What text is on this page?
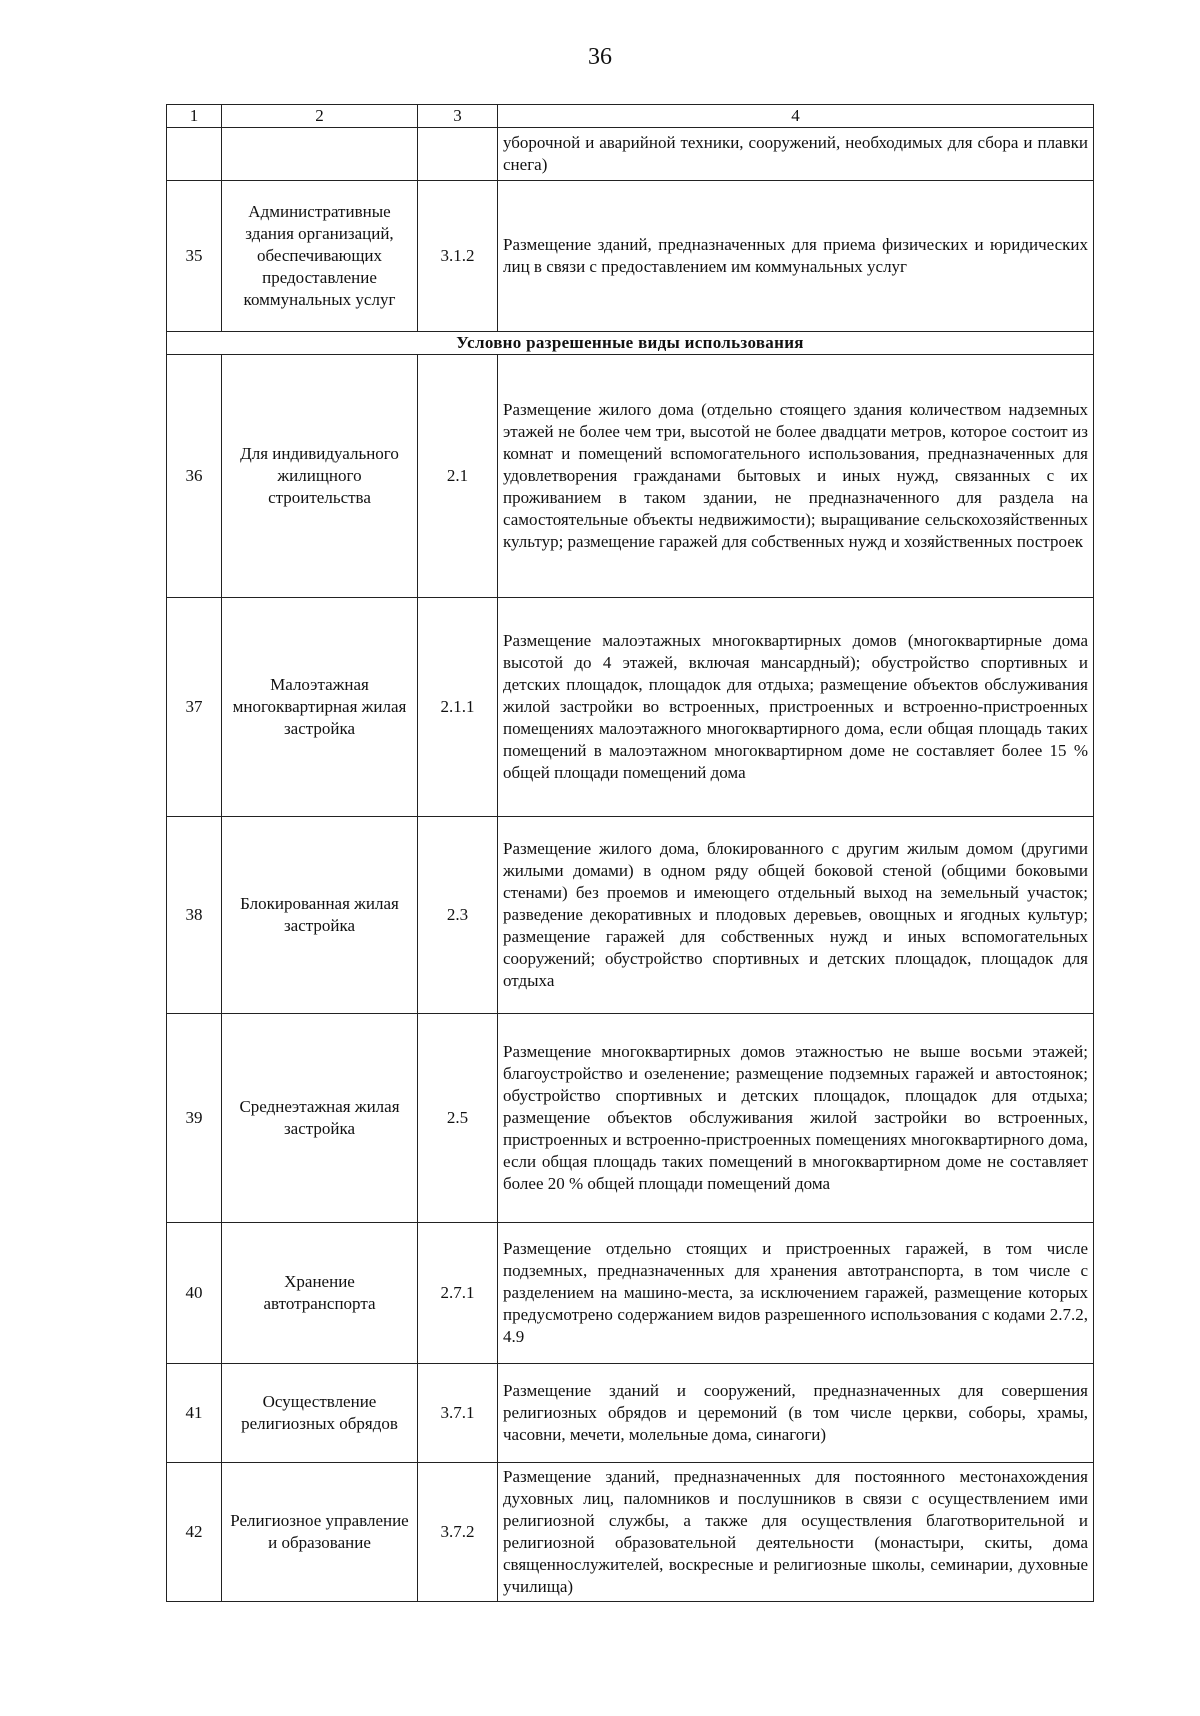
36
1	2	3	4
			уборочной и аварийной техники, сооружений, необходимых для сбора и плавки снега)
35	Административные здания организаций, обеспечивающих предоставление коммунальных услуг	3.1.2	Размещение зданий, предназначенных для приема физических и юридических лиц в связи с предоставлением им коммунальных услуг
Условно разрешенные виды использования			
36	Для индивидуального жилищного строительства	2.1	Размещение жилого дома (отдельно стоящего здания количеством надземных этажей не более чем три, высотой не более двадцати метров, которое состоит из комнат и помещений вспомогательного использования, предназначенных для удовлетворения гражданами бытовых и иных нужд, связанных с их проживанием в таком здании, не предназначенного для раздела на самостоятельные объекты недвижимости); выращивание сельскохозяйственных культур; размещение гаражей для собственных нужд и хозяйственных построек
37	Малоэтажная многоквартирная жилая застройка	2.1.1	Размещение малоэтажных многоквартирных домов (многоквартирные дома высотой до 4 этажей, включая мансардный); обустройство спортивных и детских площадок, площадок для отдыха; размещение объектов обслуживания жилой застройки во встроенных, пристроенных и встроенно-пристроенных помещениях малоэтажного многоквартирного дома, если общая площадь таких помещений в малоэтажном многоквартирном доме не составляет более 15 % общей площади помещений дома
38	Блокированная жилая застройка	2.3	Размещение жилого дома, блокированного с другим жилым домом (другими жилыми домами) в одном ряду общей боковой стеной (общими боковыми стенами) без проемов и имеющего отдельный выход на земельный участок; разведение декоративных и плодовых деревьев, овощных и ягодных культур; размещение гаражей для собственных нужд и иных вспомогательных сооружений; обустройство спортивных и детских площадок, площадок для отдыха
39	Среднеэтажная жилая застройка	2.5	Размещение многоквартирных домов этажностью не выше восьми этажей; благоустройство и озеленение; размещение подземных гаражей и автостоянок; обустройство спортивных и детских площадок, площадок для отдыха; размещение объектов обслуживания жилой застройки во встроенных, пристроенных и встроенно-пристроенных помещениях многоквартирного дома, если общая площадь таких помещений в многоквартирном доме не составляет более 20 % общей площади помещений дома
40	Хранение автотранспорта	2.7.1	Размещение отдельно стоящих и пристроенных гаражей, в том числе подземных, предназначенных для хранения автотранспорта, в том числе с разделением на машино-места, за исключением гаражей, размещение которых предусмотрено содержанием видов разрешенного использования с кодами 2.7.2, 4.9
41	Осуществление религиозных обрядов	3.7.1	Размещение зданий и сооружений, предназначенных для совершения религиозных обрядов и церемоний (в том числе церкви, соборы, храмы, часовни, мечети, молельные дома, синагоги)
42	Религиозное управление и образование	3.7.2	Размещение зданий, предназначенных для постоянного местонахождения духовных лиц, паломников и послушников в связи с осуществлением ими религиозной службы, а также для осуществления благотворительной и религиозной образовательной деятельности (монастыри, скиты, дома священнослужителей, воскресные и религиозные школы, семинарии, духовные училища)
